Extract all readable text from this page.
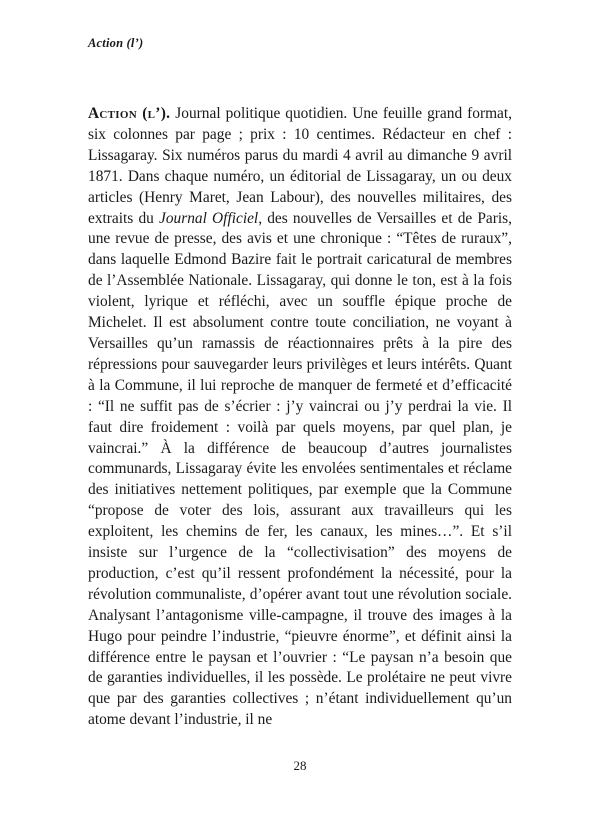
Action (l’)

Action (l’). Journal politique quotidien. Une feuille grand format, six colonnes par page ; prix : 10 centimes. Rédacteur en chef : Lissagaray. Six numéros parus du mardi 4 avril au dimanche 9 avril 1871. Dans chaque numéro, un éditorial de Lissagaray, un ou deux articles (Henry Maret, Jean Labour), des nouvelles militaires, des extraits du Journal Officiel, des nouvelles de Versailles et de Paris, une revue de presse, des avis et une chronique : “Têtes de ruraux”, dans laquelle Edmond Bazire fait le portrait caricatural de membres de l’Assemblée Nationale. Lissagaray, qui donne le ton, est à la fois violent, lyrique et réfléchi, avec un souffle épique proche de Michelet. Il est absolument contre toute conciliation, ne voyant à Versailles qu’un ramassis de réactionnaires prêts à la pire des répressions pour sauvegarder leurs privilèges et leurs intérêts. Quant à la Commune, il lui reproche de manquer de fermeté et d’efficacité : “Il ne suffit pas de s’écrier : j’y vaincrai ou j’y perdrai la vie. Il faut dire froidement : voilà par quels moyens, par quel plan, je vaincrai.” À la différence de beaucoup d’autres journalistes communards, Lissagaray évite les envolées sentimentales et réclame des initiatives nettement politiques, par exemple que la Commune “propose de voter des lois, assurant aux travailleurs qui les exploitent, les chemins de fer, les canaux, les mines…”. Et s’il insiste sur l’urgence de la “collectivisation” des moyens de production, c’est qu’il ressent profondément la nécessité, pour la révolution communaliste, d’opérer avant tout une révolution sociale. Analysant l’antagonisme ville-campagne, il trouve des images à la Hugo pour peindre l’industrie, “pieuvre énorme”, et définit ainsi la différence entre le paysan et l’ouvrier : “Le paysan n’a besoin que de garanties individuelles, il les possède. Le prolétaire ne peut vivre que par des garanties collectives ; n’étant individuellement qu’un atome devant l’industrie, il ne

28
